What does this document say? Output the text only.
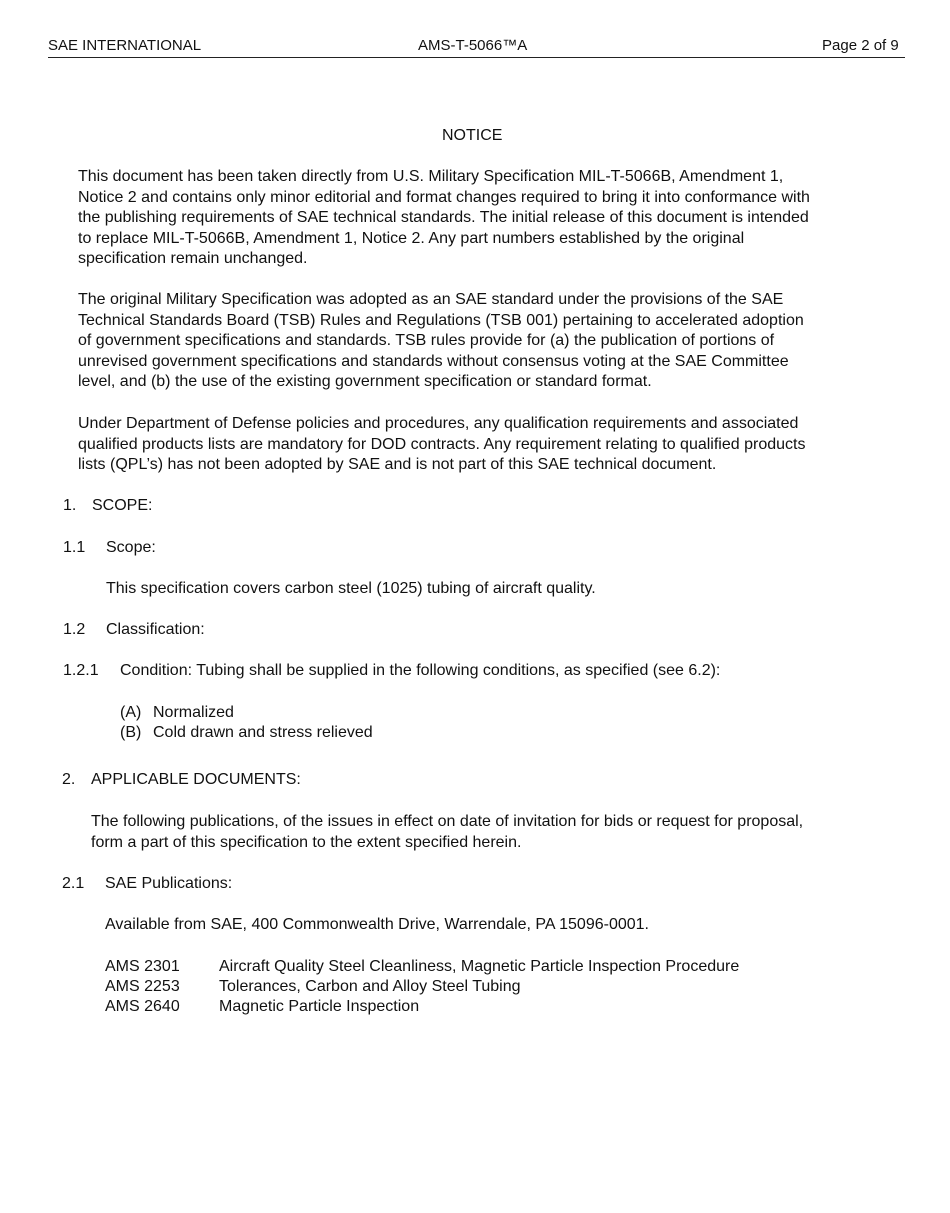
SAE INTERNATIONAL	AMS-T-5066™A	Page 2 of 9
NOTICE
This document has been taken directly from U.S. Military Specification MIL-T-5066B, Amendment 1,
Notice 2 and contains only minor editorial and format changes required to bring it into conformance with
the publishing requirements of SAE technical standards. The initial release of this document is intended
to replace MIL-T-5066B, Amendment 1, Notice 2. Any part numbers established by the original
specification remain unchanged.
The original Military Specification was adopted as an SAE standard under the provisions of the SAE
Technical Standards Board (TSB) Rules and Regulations (TSB 001) pertaining to accelerated adoption
of government specifications and standards. TSB rules provide for (a) the publication of portions of
unrevised government specifications and standards without consensus voting at the SAE Committee
level, and (b) the use of the existing government specification or standard format.
Under Department of Defense policies and procedures, any qualification requirements and associated
qualified products lists are mandatory for DOD contracts. Any requirement relating to qualified products
lists (QPL’s) has not been adopted by SAE and is not part of this SAE technical document.
1. SCOPE:
1.1 Scope:
This specification covers carbon steel (1025) tubing of aircraft quality.
1.2 Classification:
1.2.1 Condition: Tubing shall be supplied in the following conditions, as specified (see 6.2):
(A) Normalized
(B) Cold drawn and stress relieved
2. APPLICABLE DOCUMENTS:
The following publications, of the issues in effect on date of invitation for bids or request for proposal,
form a part of this specification to the extent specified herein.
2.1 SAE Publications:
Available from SAE, 400 Commonwealth Drive, Warrendale, PA 15096-0001.
AMS 2301 Aircraft Quality Steel Cleanliness, Magnetic Particle Inspection Procedure
AMS 2253 Tolerances, Carbon and Alloy Steel Tubing
AMS 2640 Magnetic Particle Inspection
